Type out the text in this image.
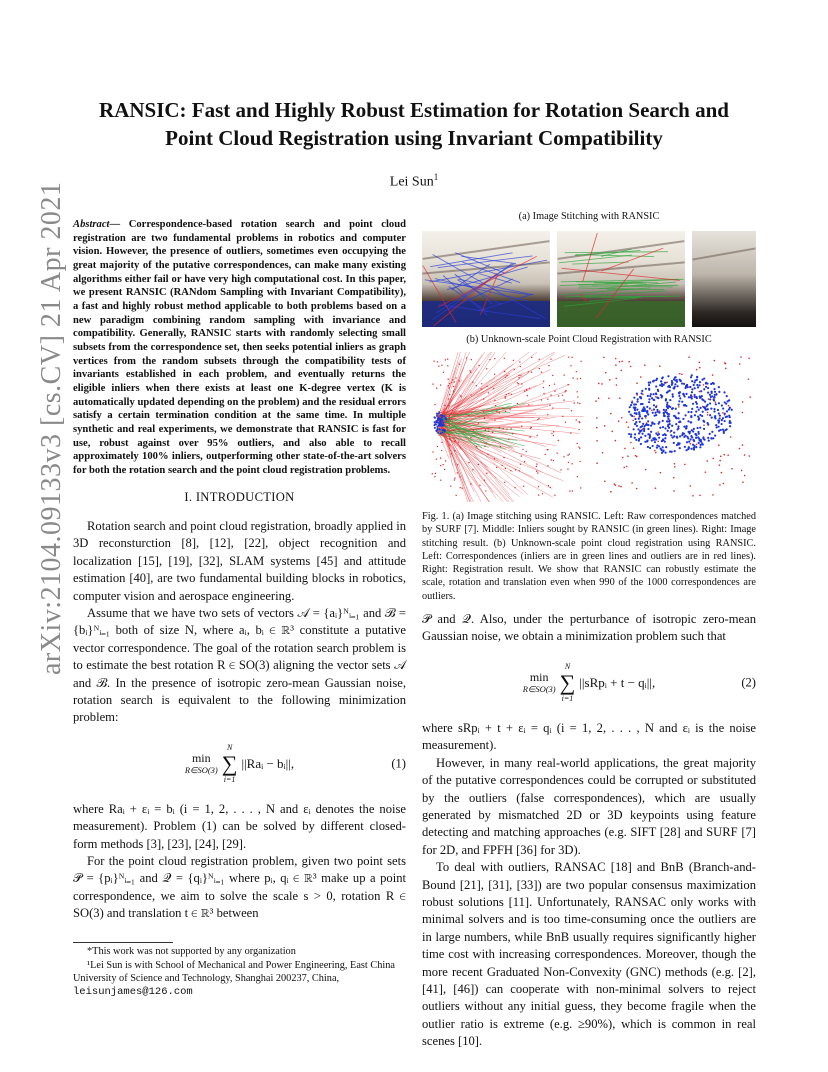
arXiv:2104.09133v3 [cs.CV] 21 Apr 2021
RANSIC: Fast and Highly Robust Estimation for Rotation Search and
Point Cloud Registration using Invariant Compatibility
Lei Sun$^1$
Abstract— Correspondence-based rotation search and point cloud registration are two fundamental problems in robotics and computer vision. However, the presence of outliers, sometimes even occupying the great majority of the putative correspondences, can make many existing algorithms either fail or have very high computational cost. In this paper, we present RANSIC (RANdom Sampling with Invariant Compatibility), a fast and highly robust method applicable to both problems based on a new paradigm combining random sampling with invariance and compatibility. Generally, RANSIC starts with randomly selecting small subsets from the correspondence set, then seeks potential inliers as graph vertices from the random subsets through the compatibility tests of invariants established in each problem, and eventually returns the eligible inliers when there exists at least one K-degree vertex (K is automatically updated depending on the problem) and the residual errors satisfy a certain termination condition at the same time. In multiple synthetic and real experiments, we demonstrate that RANSIC is fast for use, robust against over 95% outliers, and also able to recall approximately 100% inliers, outperforming other state-of-the-art solvers for both the rotation search and the point cloud registration problems.
I. INTRODUCTION

Rotation search and point cloud registration, broadly applied in 3D reconsturction [8], [12], [22], object recognition and localization [15], [19], [32], SLAM systems [45] and attitude estimation [40], are two fundamental building blocks in robotics, computer vision and aerospace engineering.

Assume that we have two sets of vectors 𝒜 = {aᵢ}ᴺᵢ₌₁ and ℬ = {bᵢ}ᴺᵢ₌₁ both of size N, where aᵢ, bᵢ ∈ ℝ³ constitute a putative vector correspondence. The goal of the rotation search problem is to estimate the best rotation R ∈ SO(3) aligning the vector sets 𝒜 and ℬ. In the presence of isotropic zero-mean Gaussian noise, rotation search is equivalent to the following minimization problem:

min
R∈SO(3)
N
∑
i=1
||Raᵢ − bᵢ||,	(1)

where Raᵢ + εᵢ = bᵢ (i = 1, 2, . . . , N and εᵢ denotes the noise measurement). Problem (1) can be solved by different closed-form methods [3], [23], [24], [29].

For the point cloud registration problem, given two point sets 𝒫 = {pᵢ}ᴺᵢ₌₁ and 𝒬 = {qᵢ}ᴺᵢ₌₁ where pᵢ, qᵢ ∈ ℝ³ make up a point correspondence, we aim to solve the scale s > 0, rotation R ∈ SO(3) and translation t ∈ ℝ³ between

*This work was not supported by any organization
¹Lei Sun is with School of Mechanical and Power Engineering, East China University of Science and Technology, Shanghai 200237, China,
leisunjames@126.com
(a) Image Stitching with RANSIC
(b) Unknown-scale Point Cloud Registration with RANSIC
Fig. 1. (a) Image stitching using RANSIC. Left: Raw correspondences matched by SURF [7]. Middle: Inliers sought by RANSIC (in green lines). Right: Image stitching result. (b) Unknown-scale point cloud registration using RANSIC. Left: Correspondences (inliers are in green lines and outliers are in red lines). Right: Registration result. We show that RANSIC can robustly estimate the scale, rotation and translation even when 990 of the 1000 correspondences are outliers.

𝒫 and 𝒬. Also, under the perturbance of isotropic zero-mean Gaussian noise, we obtain a minimization problem such that

min
R∈SO(3)
N
∑
i=1
||sRpᵢ + t − qᵢ||,	(2)

where sRpᵢ + t + εᵢ = qᵢ (i = 1, 2, . . . , N and εᵢ is the noise measurement).

However, in many real-world applications, the great majority of the putative correspondences could be corrupted or substituted by the outliers (false correspondences), which are usually generated by mismatched 2D or 3D keypoints using feature detecting and matching approaches (e.g. SIFT [28] and SURF [7] for 2D, and FPFH [36] for 3D).

To deal with outliers, RANSAC [18] and BnB (Branch-and-Bound [21], [31], [33]) are two popular consensus maximization robust solutions [11]. Unfortunately, RANSAC only works with minimal solvers and is too time-consuming once the outliers are in large numbers, while BnB usually requires significantly higher time cost with increasing correspondences. Moreover, though the more recent Graduated Non-Convexity (GNC) methods (e.g. [2], [41], [46]) can cooperate with non-minimal solvers to reject outliers without any initial guess, they become fragile when the outlier ratio is extreme (e.g. ≥90%), which is common in real scenes [10].
